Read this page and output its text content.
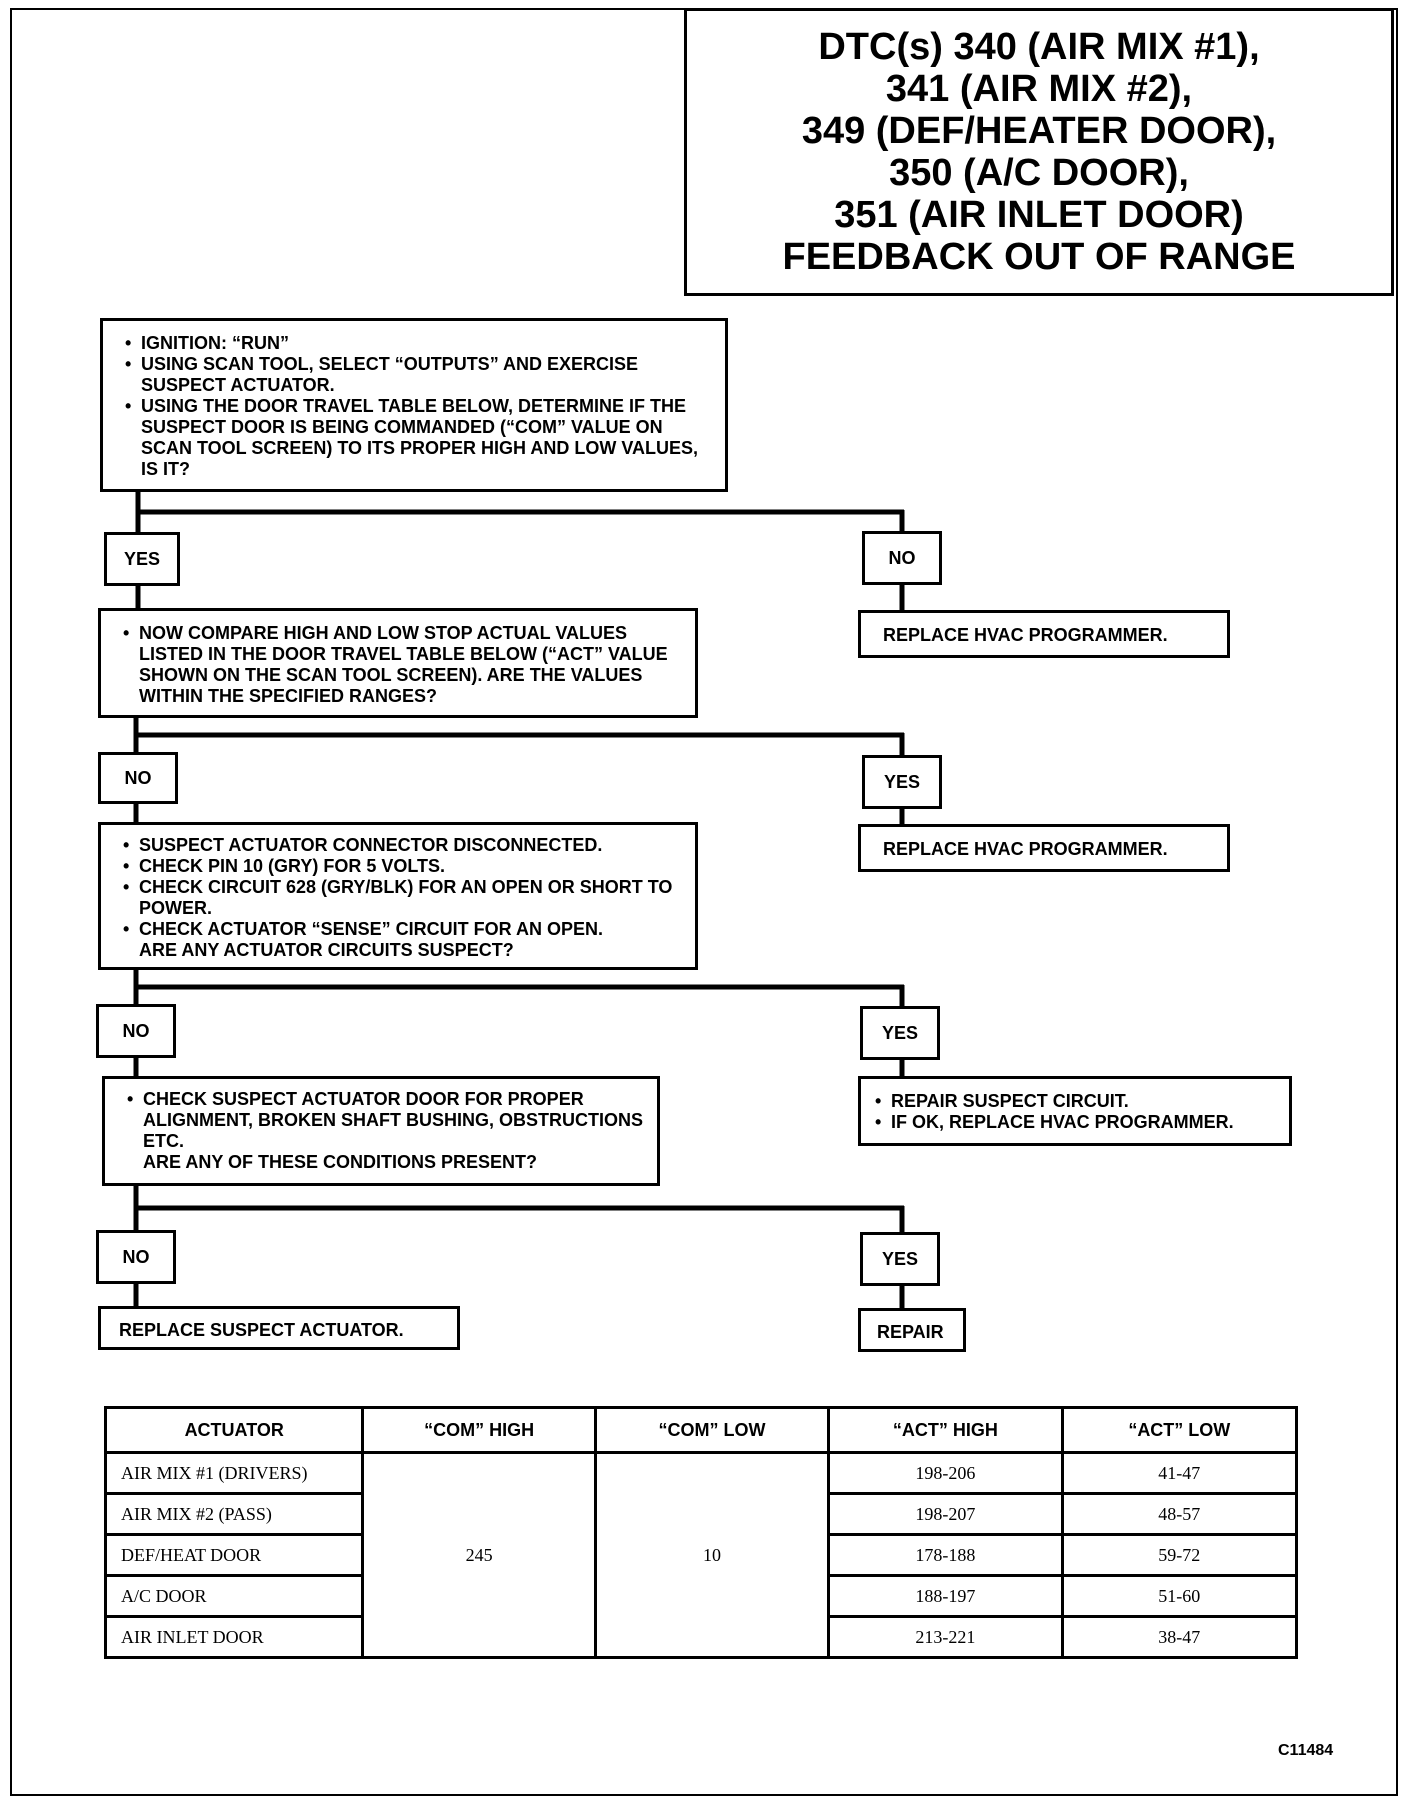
DTC(s) 340 (AIR MIX #1),
341 (AIR MIX #2),
349 (DEF/HEATER DOOR),
350 (A/C DOOR),
351 (AIR INLET DOOR)
FEEDBACK OUT OF RANGE
• IGNITION: “RUN”
• USING SCAN TOOL, SELECT “OUTPUTS” AND EXERCISE SUSPECT ACTUATOR.
• USING THE DOOR TRAVEL TABLE BELOW, DETERMINE IF THE SUSPECT DOOR IS BEING COMMANDED (“COM” VALUE ON SCAN TOOL SCREEN) TO ITS PROPER HIGH AND LOW VALUES, IS IT?
YES	NO
REPLACE HVAC PROGRAMMER.
• NOW COMPARE HIGH AND LOW STOP ACTUAL VALUES LISTED IN THE DOOR TRAVEL TABLE BELOW (“ACT” VALUE SHOWN ON THE SCAN TOOL SCREEN). ARE THE VALUES WITHIN THE SPECIFIED RANGES?
NO	YES
REPLACE HVAC PROGRAMMER.
• SUSPECT ACTUATOR CONNECTOR DISCONNECTED.
• CHECK PIN 10 (GRY) FOR 5 VOLTS.
• CHECK CIRCUIT 628 (GRY/BLK) FOR AN OPEN OR SHORT TO POWER.
• CHECK ACTUATOR “SENSE” CIRCUIT FOR AN OPEN.
ARE ANY ACTUATOR CIRCUITS SUSPECT?
NO	YES
• REPAIR SUSPECT CIRCUIT.
• IF OK, REPLACE HVAC PROGRAMMER.
• CHECK SUSPECT ACTUATOR DOOR FOR PROPER ALIGNMENT, BROKEN SHAFT BUSHING, OBSTRUCTIONS ETC.
ARE ANY OF THESE CONDITIONS PRESENT?
NO	YES
REPLACE SUSPECT ACTUATOR.	REPAIR
ACTUATOR	“COM” HIGH	“COM” LOW	“ACT” HIGH	“ACT” LOW
AIR MIX #1 (DRIVERS)	245	10	198-206	41-47
AIR MIX #2 (PASS)			198-207	48-57
DEF/HEAT DOOR			178-188	59-72
A/C DOOR			188-197	51-60
AIR INLET DOOR			213-221	38-47
C11484
